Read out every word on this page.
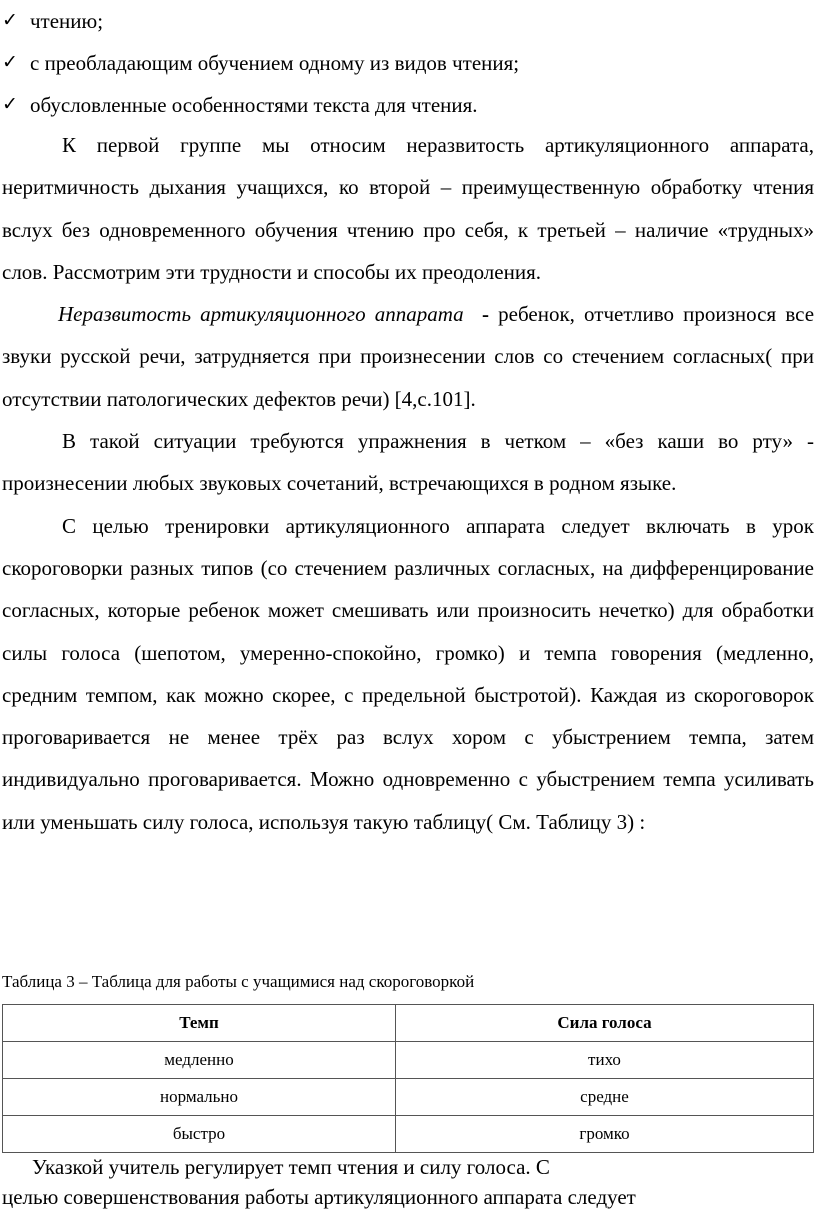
✓ чтению;
✓ с преобладающим обучением одному из видов чтения;
✓ обусловленные особенностями текста для чтения.

К первой группе мы относим неразвитость артикуляционного аппарата, неритмичность дыхания учащихся, ко второй – преимущественную обработку чтения вслух без одновременного обучения чтению про себя, к третьей – наличие «трудных» слов. Рассмотрим эти трудности и способы их преодоления.

Неразвитость артикуляционного аппарата - ребенок, отчетливо произнося все звуки русской речи, затрудняется при произнесении слов со стечением согласных( при отсутствии патологических дефектов речи) [4,с.101].

В такой ситуации требуются упражнения в четком – «без каши во рту» - произнесении любых звуковых сочетаний, встречающихся в родном языке.

С целью тренировки артикуляционного аппарата следует включать в урок скороговорки разных типов (со стечением различных согласных, на дифференцирование согласных, которые ребенок может смешивать или произносить нечетко) для обработки силы голоса (шепотом, умеренно-спокойно, громко) и темпа говорения (медленно, средним темпом, как можно скорее, с предельной быстротой). Каждая из скороговорок проговаривается не менее трёх раз вслух хором с убыстрением темпа, затем индивидуально проговаривается. Можно одновременно с убыстрением темпа усиливать или уменьшать силу голоса, используя такую таблицу( См. Таблицу 3) :

Таблица 3 – Таблица для работы с учащимися над скороговоркой
Темп	Сила голоса
медленно	тихо
нормально	средне
быстро	громко

Указкой учитель регулирует темп чтения и силу голоса. С

целью совершенствования работы артикуляционного аппарата следует
